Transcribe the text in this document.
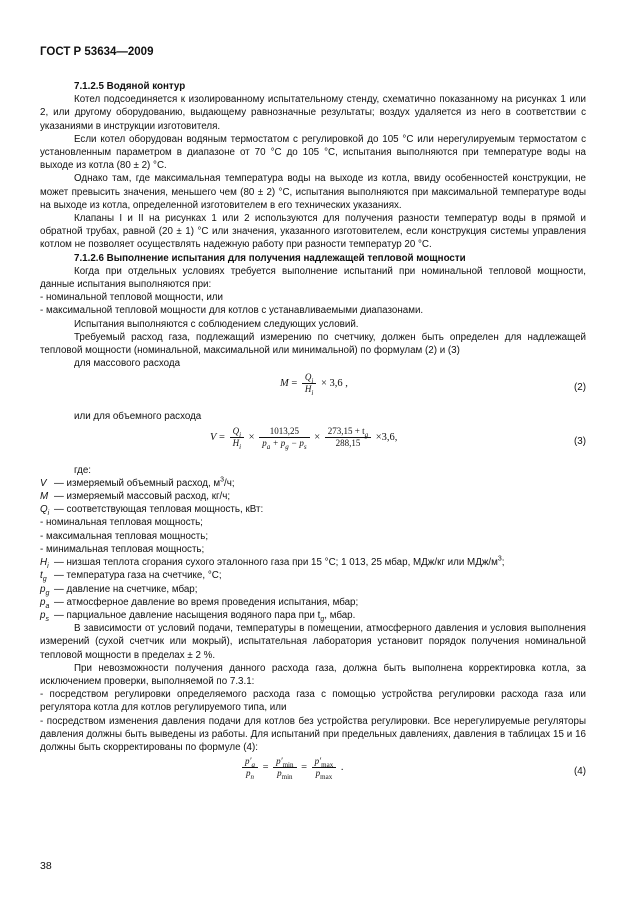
ГОСТ Р 53634—2009

7.1.2.5 Водяной контур

Котел подсоединяется к изолированному испытательному стенду, схематично показанному на рисунках 1 или 2, или другому оборудованию, выдающему равнозначные результаты; воздух удаляется из него в соответствии с указаниями в инструкции изготовителя.

Если котел оборудован водяным термостатом с регулировкой до 105 °С или нерегулируемым термостатом с установленным параметром в диапазоне от 70 °С до 105 °С, испытания выполняются при температуре воды на выходе из котла (80 ± 2) °С.

Однако там, где максимальная температура воды на выходе из котла, ввиду особенностей конструкции, не может превысить значения, меньшего чем (80 ± 2) °С, испытания выполняются при максимальной температуре воды на выходе из котла, определенной изготовителем в его технических указаниях.

Клапаны I и II на рисунках 1 или 2 используются для получения разности температур воды в прямой и обратной трубах, равной (20 ± 1) °С или значения, указанного изготовителем, если конструкция системы управления котлом не позволяет осуществлять надежную работу при разности температур 20 °С.

7.1.2.6 Выполнение испытания для получения надлежащей тепловой мощности

Когда при отдельных условиях требуется выполнение испытаний при номинальной тепловой мощности, данные испытания выполняются при:

- номинальной тепловой мощности, или

- максимальной тепловой мощности для котлов с устанавливаемыми диапазонами.

Испытания выполняются с соблюдением следующих условий.

Требуемый расход газа, подлежащий измерению по счетчику, должен быть определен для надлежащей тепловой мощности (номинальной, максимальной или минимальной) по формулам (2) и (3)

для массового расхода

$M = \frac{Q_i}{H_i} \times 3,6$ ,	(2)

или для объемного расхода

$V = \frac{Q_i}{H_i} \times \frac{1013,25}{p_a + p_g - p_s} \times \frac{273,15 + t_g}{288,15} \times 3,6$,	(3)

где:

V — измеряемый объемный расход, $м^3/ч$;
M — измеряемый массовый расход, кг/ч;
$Q_i$ — соответствующая тепловая мощность, кВт:

- номинальная тепловая мощность;

- максимальная тепловая мощность;

- минимальная тепловая мощность;

$H_i$ — низшая теплота сгорания сухого эталонного газа при 15 °С; 1 013, 25 мбар, МДж/кг или МДж/$м^3$;
$t_g$ — температура газа на счетчике, °С;
$p_g$ — давление на счетчике, мбар;
$p_a$ — атмосферное давление во время проведения испытания, мбар;
$p_s$ — парциальное давление насыщения водяного пара при $t_g$, мбар.

В зависимости от условий подачи, температуры в помещении, атмосферного давления и условия выполнения измерений (сухой счетчик или мокрый), испытательная лаборатория установит порядок получения номинальной тепловой мощности в пределах ± 2 %.

При невозможности получения данного расхода газа, должна быть выполнена корректировка котла, за исключением проверки, выполняемой по 7.3.1:

- посредством регулировки определяемого расхода газа с помощью устройства регулировки расхода газа или регулятора котла для котлов регулируемого типа, или

- посредством изменения давления подачи для котлов без устройства регулировки. Все нерегулируемые регуляторы давления должны быть выведены из работы. Для испытаний при предельных давлениях, давления в таблицах 15 и 16 должны быть скорректированы по формуле (4):

$\frac{p'_a}{p_n} = \frac{p'_{min}}{p_{min}} = \frac{p'_{max}}{p_{max}}$ .	(4)
38
